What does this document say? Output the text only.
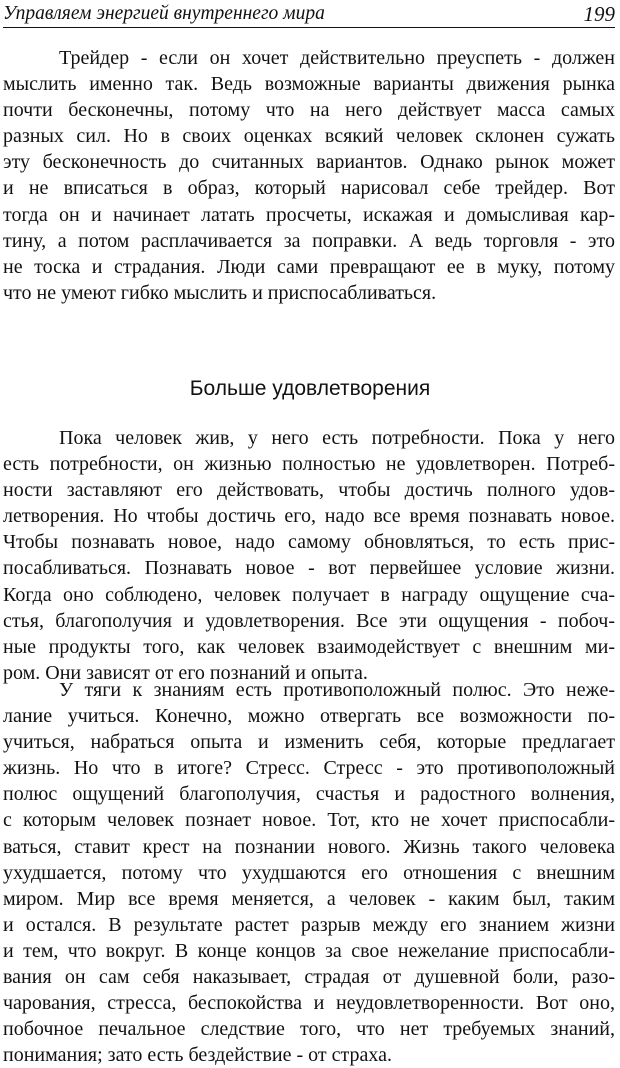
Управляем энергией внутреннего мира	199
Трейдер - если он хочет действительно преуспеть - должен
мыслить именно так. Ведь возможные варианты движения рынка
почти бесконечны, потому что на него действует масса самых
разных сил. Но в своих оценках всякий человек склонен сужать
эту бесконечность до считанных вариантов. Однако рынок может
и не вписаться в образ, который нарисовал себе трейдер. Вот
тогда он и начинает латать просчеты, искажая и домысливая кар-
тину, а потом расплачивается за поправки. А ведь торговля - это
не тоска и страдания. Люди сами превращают ее в муку, потому
что не умеют гибко мыслить и приспосабливаться.
Больше удовлетворения
Пока человек жив, у него есть потребности. Пока у него
есть потребности, он жизнью полностью не удовлетворен. Потреб-
ности заставляют его действовать, чтобы достичь полного удов-
летворения. Но чтобы достичь его, надо все время познавать новое.
Чтобы познавать новое, надо самому обновляться, то есть прис-
посабливаться. Познавать новое - вот первейшее условие жизни.
Когда оно соблюдено, человек получает в награду ощущение сча-
стья, благополучия и удовлетворения. Все эти ощущения - побоч-
ные продукты того, как человек взаимодействует с внешним ми-
ром. Они зависят от его познаний и опыта.
У тяги к знаниям есть противоположный полюс. Это нежe-
лание учиться. Конечно, можно отвергать все возможности по-
учиться, набраться опыта и изменить себя, которые предлагает
жизнь. Но что в итоге? Стресс. Стресс - это противоположный
полюс ощущений благополучия, счастья и радостного волнения,
с которым человек познает новое. Тот, кто не хочет приспосабли-
ваться, ставит крест на познании нового. Жизнь такого человека
ухудшается, потому что ухудшаются его отношения с внешним
миром. Мир все время меняется, а человек - каким был, таким
и остался. В результате растет разрыв между его знанием жизни
и тем, что вокруг. В конце концов за свое нежелание приспосабли-
вания он сам себя наказывает, страдая от душевной боли, разо-
чарования, стресса, беспокойства и неудовлетворенности. Вот оно,
побочное печальное следствие того, что нет требуемых знаний,
понимания; зато есть бездействие - от страха.
